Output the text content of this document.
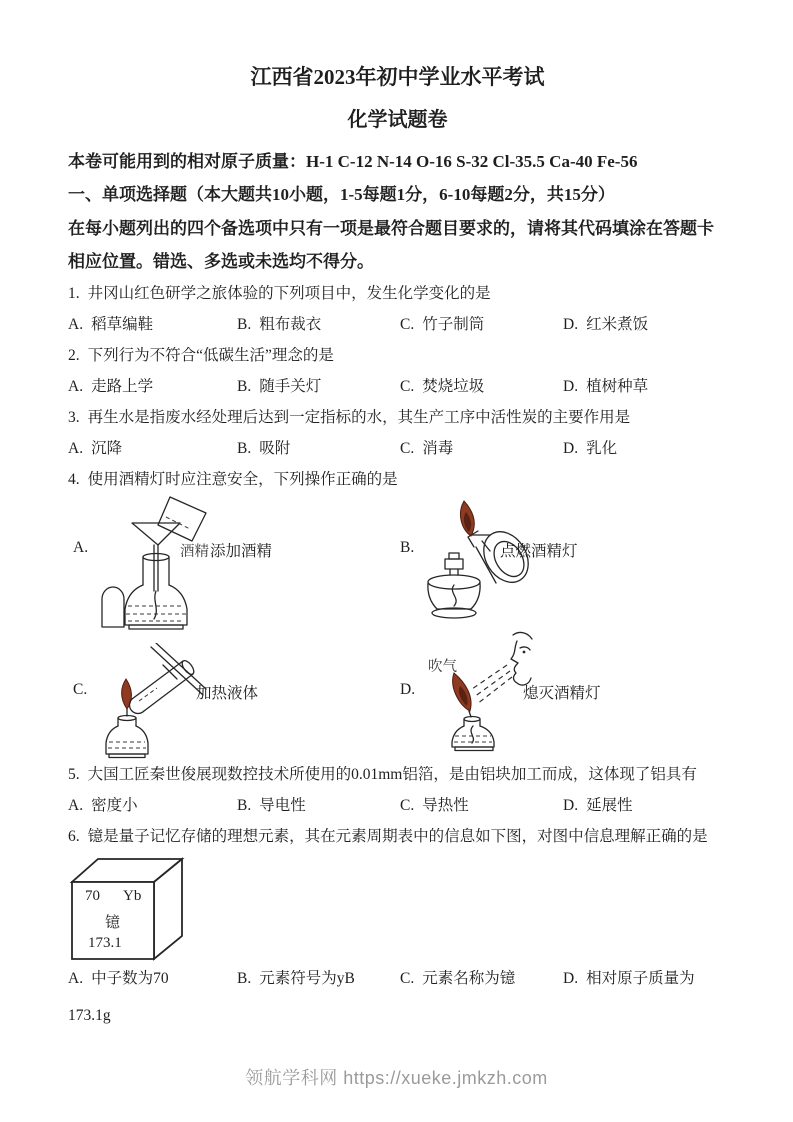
江西省2023年初中学业水平考试
化学试题卷
本卷可能用到的相对原子质量：H-1 C-12 N-14 O-16 S-32 Cl-35.5 Ca-40 Fe-56
一、单项选择题（本大题共10小题，1-5每题1分，6-10每题2分，共15分）
在每小题列出的四个备选项中只有一项是最符合题目要求的，请将其代码填涂在答题卡相应位置。错选、多选或未选均不得分。
1. 井冈山红色研学之旅体验的下列项目中，发生化学变化的是
A. 稻草编鞋	B. 粗布裁衣	C. 竹子制筒	D. 红米煮饭
2. 下列行为不符合“低碳生活”理念的是
A. 走路上学	B. 随手关灯	C. 焚烧垃圾	D. 植树种草
3. 再生水是指废水经处理后达到一定指标的水，其生产工序中活性炭的主要作用是
A. 沉降	B. 吸附	C. 消毒	D. 乳化
4. 使用酒精灯时应注意安全，下列操作正确的是
A.	酒精 添加酒精	B.	点燃酒精灯
C.	加热液体	D.
吹气
熄灭酒精灯
5. 大国工匠秦世俊展现数控技术所使用的0.01mm铝箔，是由铝块加工而成，这体现了铝具有
A. 密度小	B. 导电性	C. 导热性	D. 延展性
6. 镱是量子记忆存储的理想元素，其在元素周期表中的信息如下图，对图中信息理解正确的是
70 Yb
镱
173.1
A. 中子数为70	B. 元素符号为yB	C. 元素名称为镱	D. 相对原子质量为
173.1g
领航学科网 https://xueke.jmkzh.com
